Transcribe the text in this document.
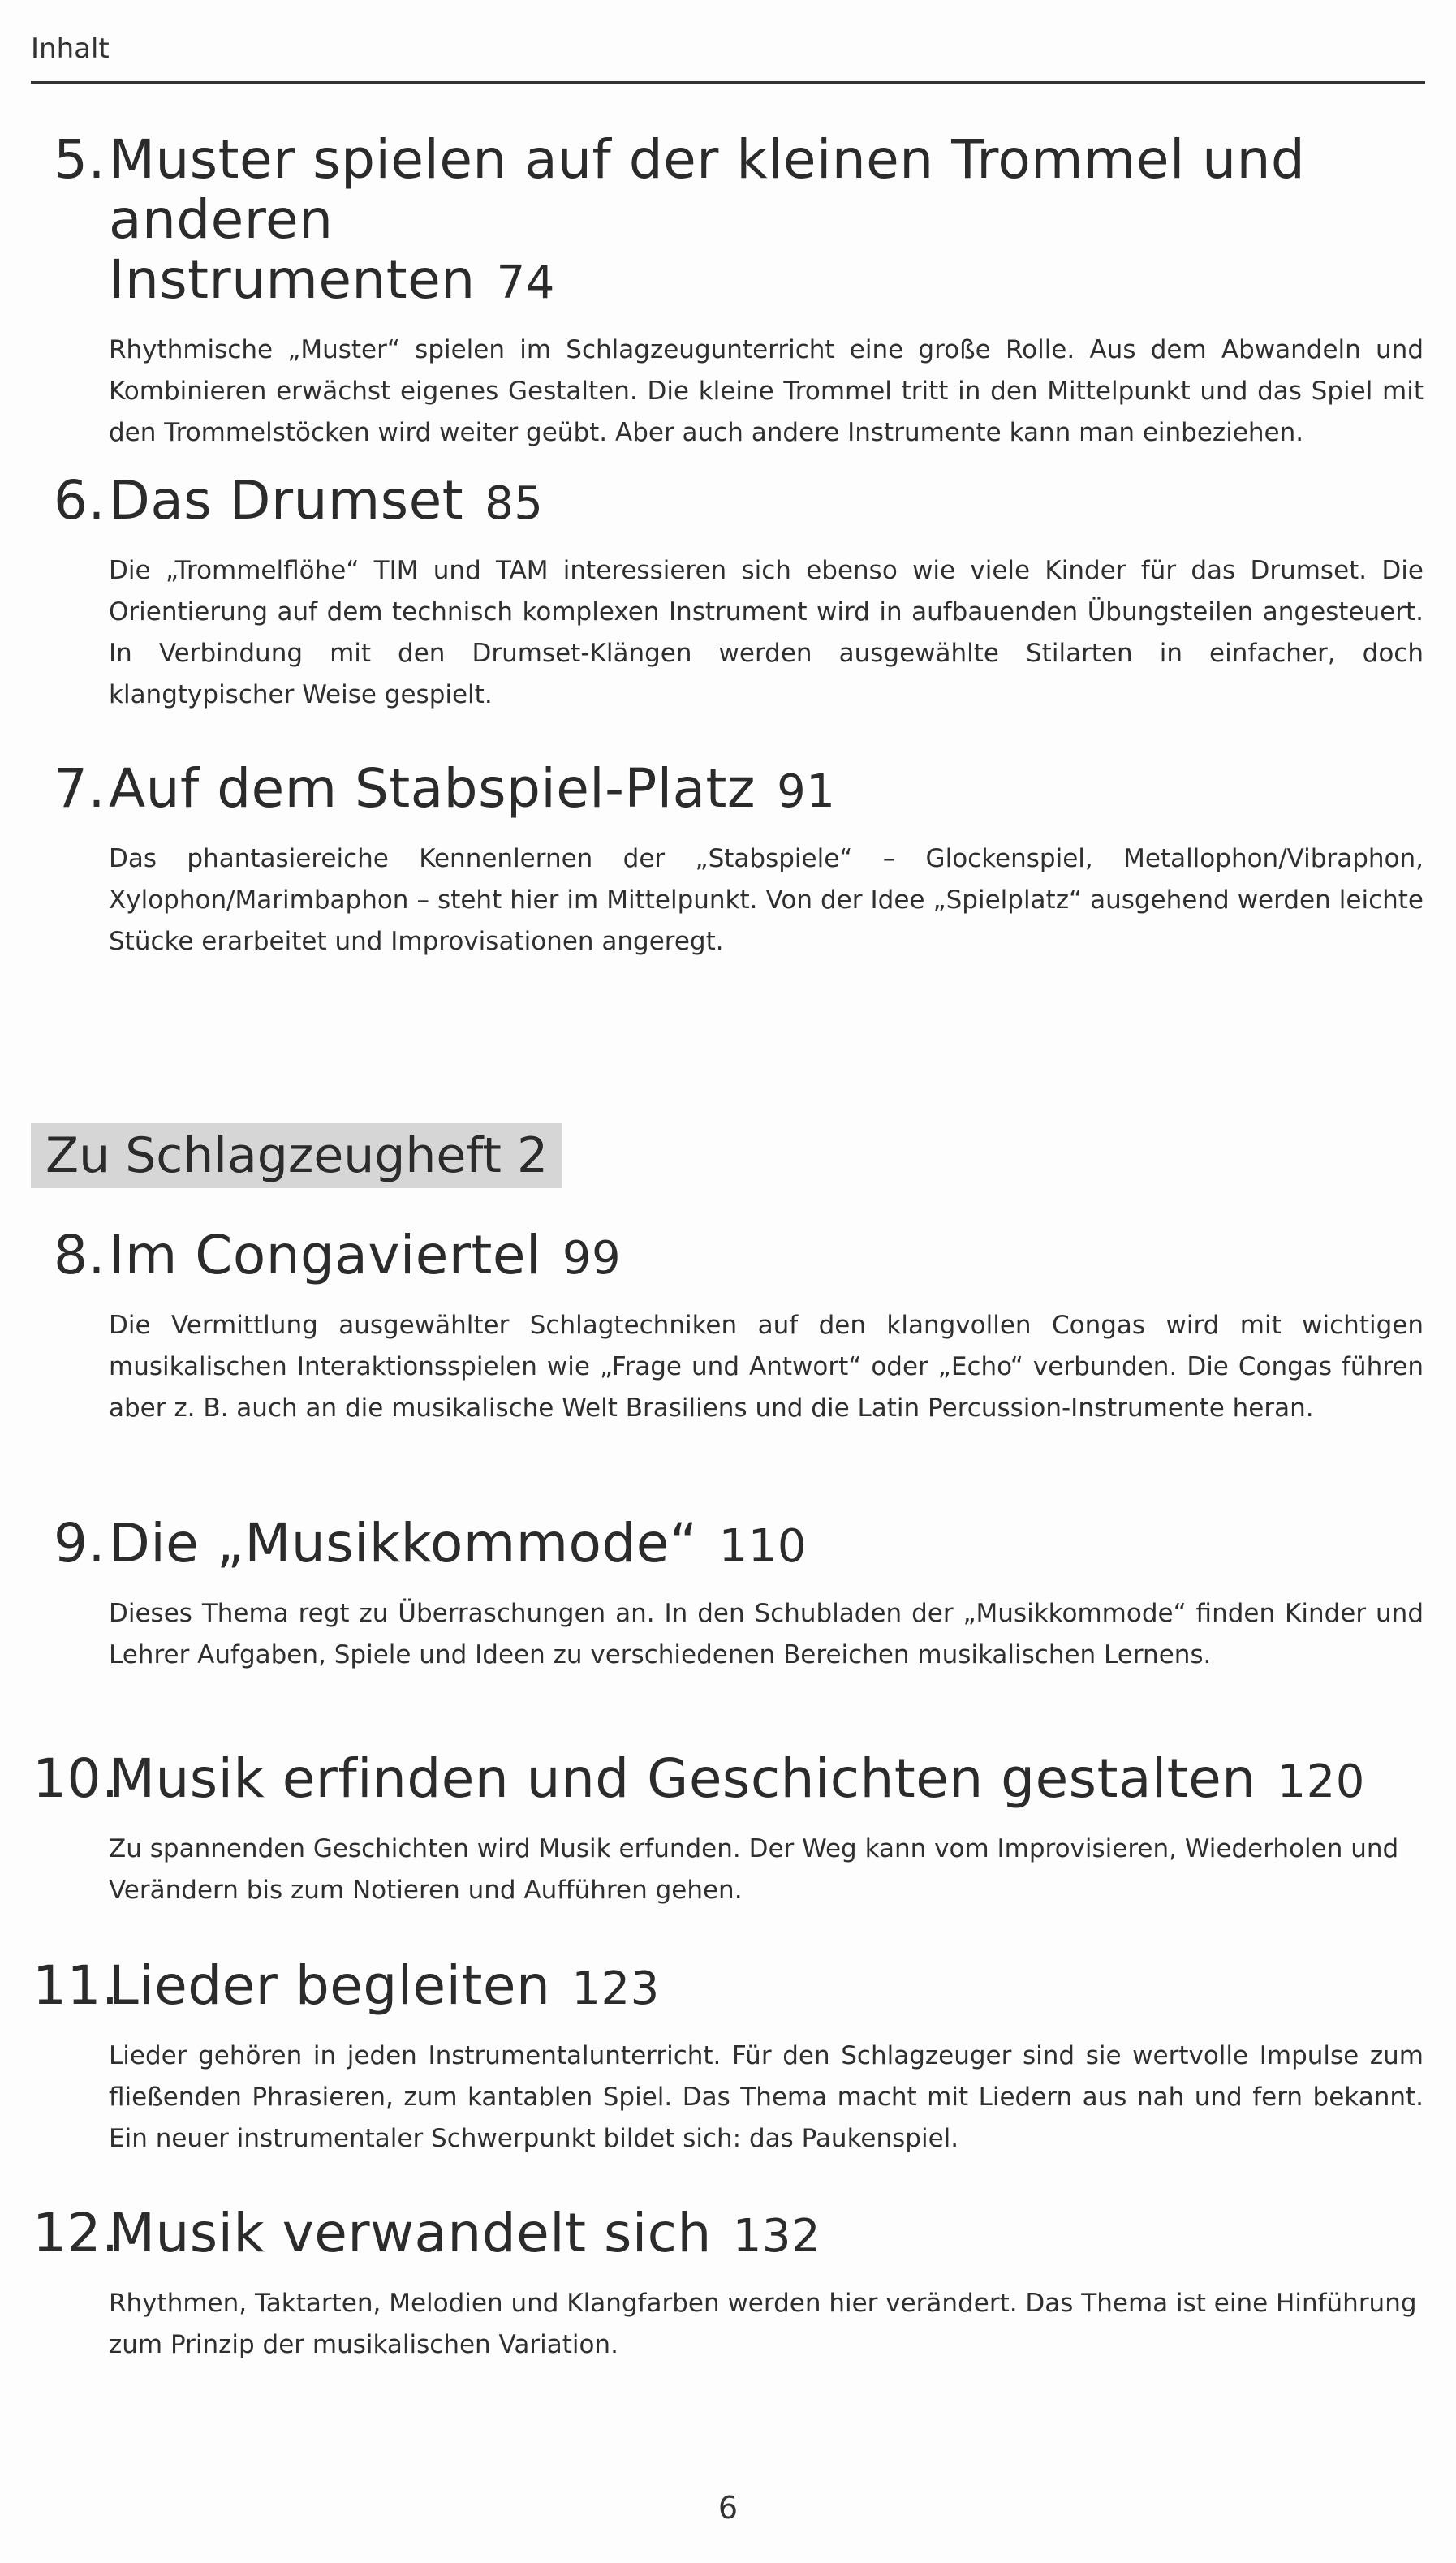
Inhalt
5. Muster spielen auf der kleinen Trommel und anderen
Instrumenten 74
Rhythmische „Muster“ spielen im Schlagzeugunterricht eine große Rolle. Aus dem Abwandeln und Kombinieren erwächst eigenes Gestalten. Die kleine Trommel tritt in den Mittelpunkt und das Spiel mit den Trommelstöcken wird weiter geübt. Aber auch andere Instrumente kann man einbeziehen.
6. Das Drumset 85
Die „Trommelflöhe“ TIM und TAM interessieren sich ebenso wie viele Kinder für das Drumset. Die Orientierung auf dem technisch komplexen Instrument wird in aufbauenden Übungsteilen angesteuert. In Verbindung mit den Drumset-Klängen werden ausgewählte Stilarten in einfacher, doch klangtypischer Weise gespielt.
7. Auf dem Stabspiel-Platz 91
Das phantasiereiche Kennenlernen der „Stabspiele“ – Glockenspiel, Metallophon/Vibraphon, Xylophon/Marimbaphon – steht hier im Mittelpunkt. Von der Idee „Spielplatz“ ausgehend werden leichte Stücke erarbeitet und Improvisationen angeregt.
Zu Schlagzeugheft 2
8. Im Congaviertel 99
Die Vermittlung ausgewählter Schlagtechniken auf den klangvollen Congas wird mit wichtigen musikalischen Interaktionsspielen wie „Frage und Antwort“ oder „Echo“ verbunden. Die Congas führen aber z. B. auch an die musikalische Welt Brasiliens und die Latin Percussion-Instrumente heran.
9. Die „Musikkommode“ 110
Dieses Thema regt zu Überraschungen an. In den Schubladen der „Musikkommode“ finden Kinder und Lehrer Aufgaben, Spiele und Ideen zu verschiedenen Bereichen musikalischen Lernens.
10.
Musik erfinden und Geschichten gestalten 120
Zu spannenden Geschichten wird Musik erfunden. Der Weg kann vom Improvisieren, Wiederholen und Verändern bis zum Notieren und Aufführen gehen.
11.
Lieder begleiten 123
Lieder gehören in jeden Instrumentalunterricht. Für den Schlagzeuger sind sie wertvolle Impulse zum fließenden Phrasieren, zum kantablen Spiel. Das Thema macht mit Liedern aus nah und fern bekannt. Ein neuer instrumentaler Schwerpunkt bildet sich: das Paukenspiel.
12.
Musik verwandelt sich 132
Rhythmen, Taktarten, Melodien und Klangfarben werden hier verändert. Das Thema ist eine Hinführung zum Prinzip der musikalischen Variation.
6
